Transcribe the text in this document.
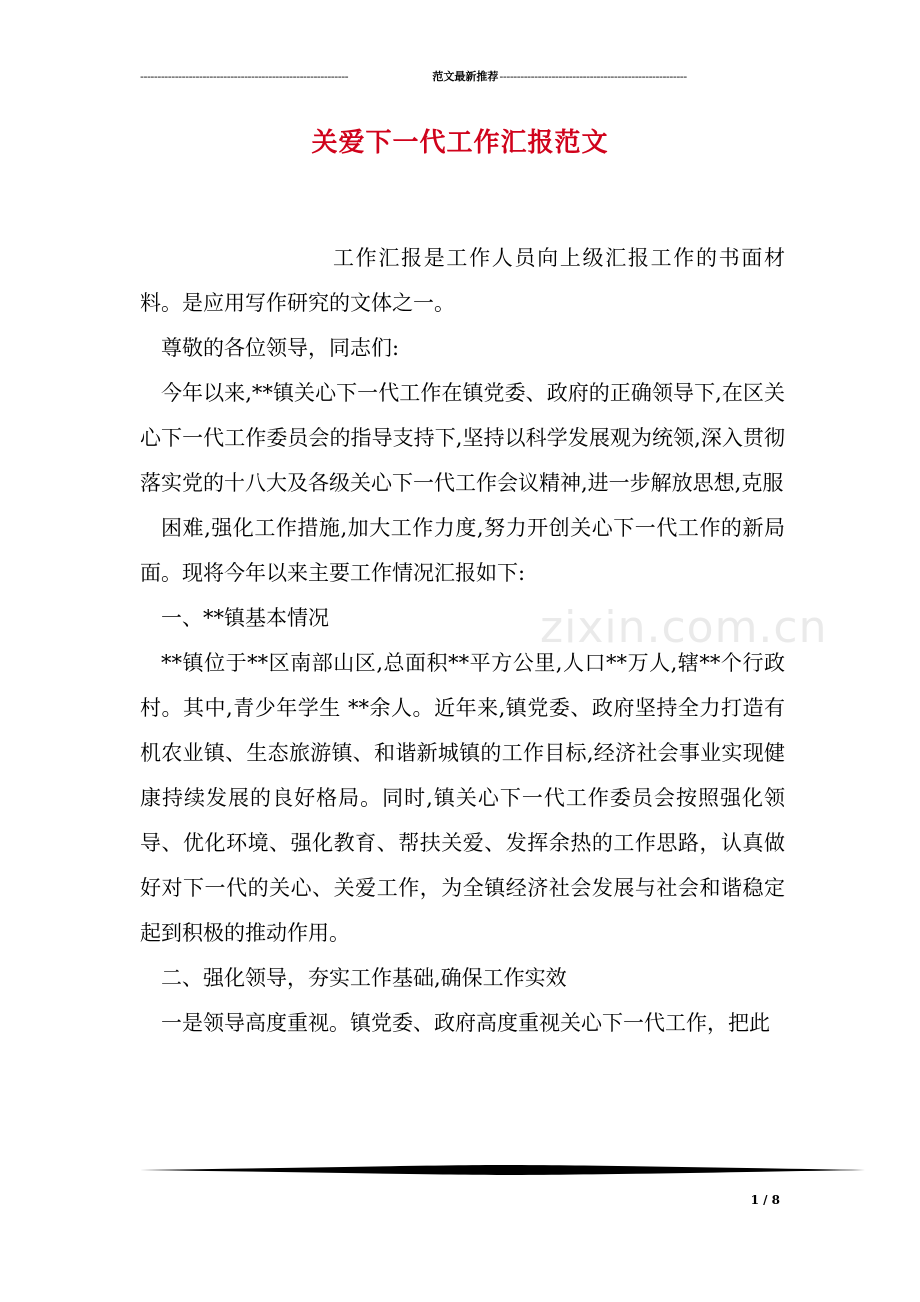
------------------------------------------------------------	范文最新推荐 ------------------------------------------------------
关爱下一代工作汇报范文
zixin.com.cn

工作汇报是工作人员向上级汇报工作的书面材料。是应用写作研究的文体之一。

尊敬的各位领导，同志们:

今年以来,**镇关心下一代工作在镇党委、政府的正确领导下,在区关心下一代工作委员会的指导支持下,坚持以科学发展观为统领,深入贯彻落实党的十八大及各级关心下一代工作会议精神,进一步解放思想,克服

困难,强化工作措施,加大工作力度,努力开创关心下一代工作的新局面。现将今年以来主要工作情况汇报如下:

一、**镇基本情况

**镇位于**区南部山区,总面积**平方公里,人口**万人,辖**个行政村。其中,青少年学生 **余人。近年来,镇党委、政府坚持全力打造有机农业镇、生态旅游镇、和谐新城镇的工作目标,经济社会事业实现健康持续发展的良好格局。同时,镇关心下一代工作委员会按照强化领导、优化环境、强化教育、帮扶关爱、发挥余热的工作思路，认真做好对下一代的关心、关爱工作，为全镇经济社会发展与社会和谐稳定起到积极的推动作用。

二、强化领导，夯实工作基础,确保工作实效

一是领导高度重视。镇党委、政府高度重视关心下一代工作，把此

1 / 8
